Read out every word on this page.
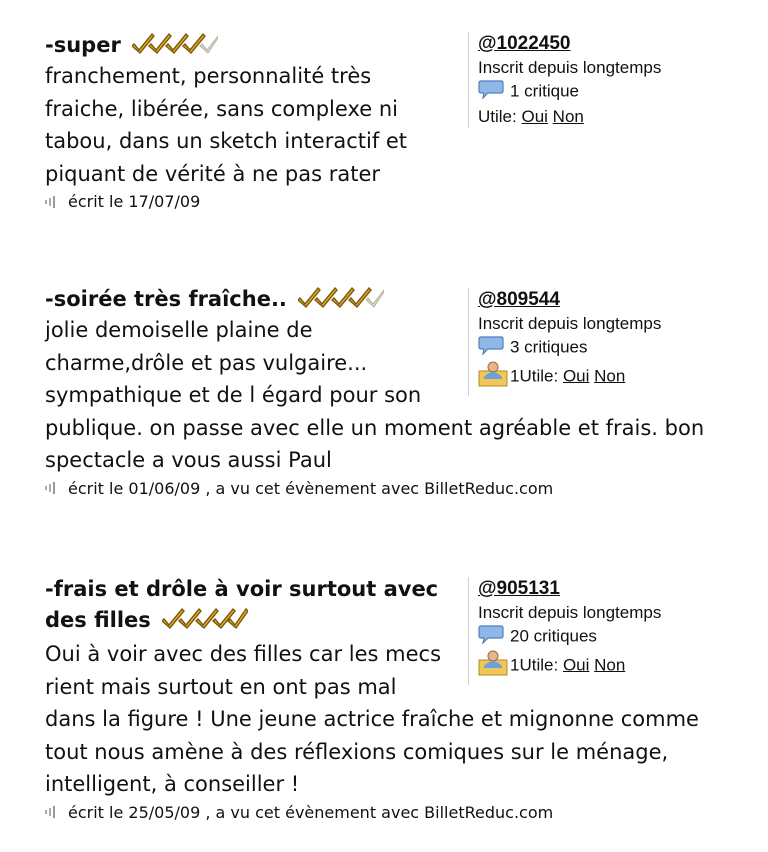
-super
franchement, personnalité très
fraiche, libérée, sans complexe ni
tabou, dans un sketch interactif et
piquant de vérité à ne pas rater
écrit le 17/07/09
@1022450
Inscrit depuis longtemps
1 critique
Utile: Oui Non
-soirée très fraîche..
jolie demoiselle plaine de
charme,drôle et pas vulgaire...
sympathique et de l égard pour son
publique. on passe avec elle un moment agréable et frais. bon
spectacle a vous aussi Paul
écrit le 01/06/09 , a vu cet évènement avec BilletReduc.com
@809544
Inscrit depuis longtemps
3 critiques
1Utile: Oui Non
-frais et drôle à voir surtout avec
des filles
Oui à voir avec des filles car les mecs
rient mais surtout en ont pas mal
dans la figure ! Une jeune actrice fraîche et mignonne comme
tout nous amène à des réflexions comiques sur le ménage,
intelligent, à conseiller !
écrit le 25/05/09 , a vu cet évènement avec BilletReduc.com
@905131
Inscrit depuis longtemps
20 critiques
1Utile: Oui Non
